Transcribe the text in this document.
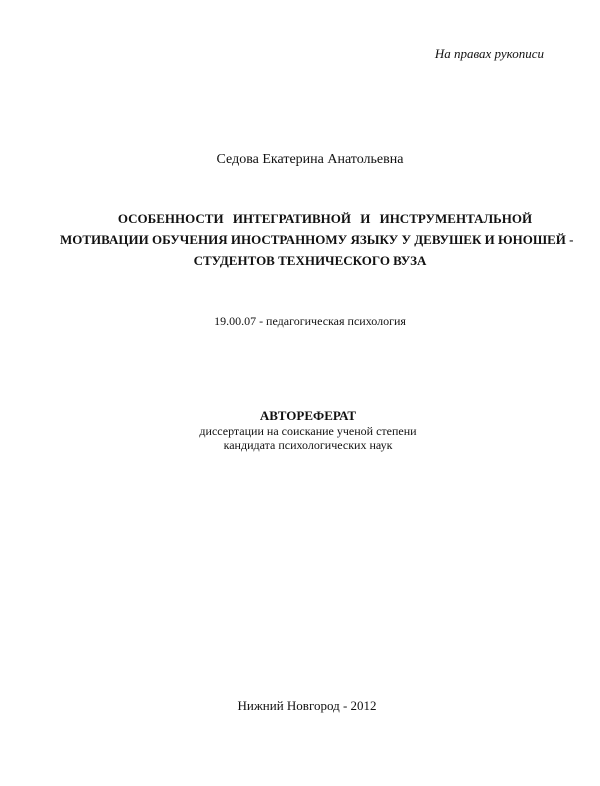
На правах рукописи
Седова Екатерина Анатольевна
ОСОБЕННОСТИ ИНТЕГРАТИВНОЙ И ИНСТРУМЕНТАЛЬНОЙ
МОТИВАЦИИ ОБУЧЕНИЯ ИНОСТРАННОМУ ЯЗЫКУ У ДЕВУШЕК И ЮНОШЕЙ -
СТУДЕНТОВ ТЕХНИЧЕСКОГО ВУЗА
19.00.07 - педагогическая психология
АВТОРЕФЕРАТ
диссертации на соискание ученой степени
кандидата психологических наук
Нижний Новгород - 2012
